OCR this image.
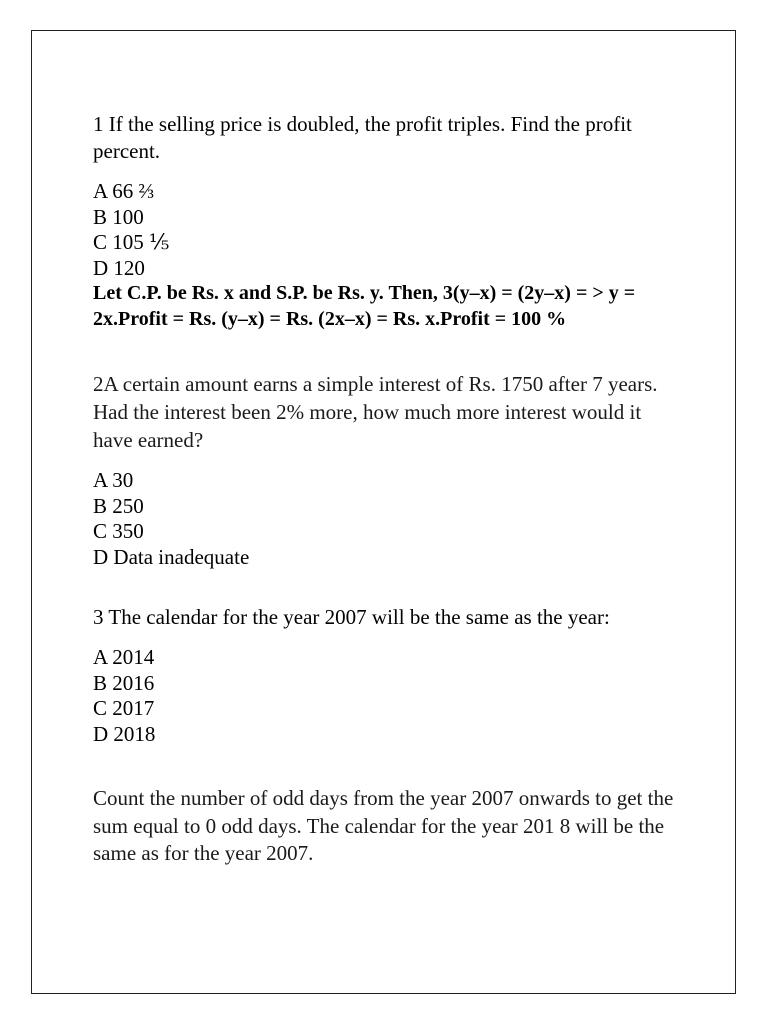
1 If the selling price is doubled, the profit triples. Find the profit percent.

A 66 ⅔
B 100
C 105 ⅕
D 120

Let C.P. be Rs. x and S.P. be Rs. y. Then, 3(y–x) = (2y–x) = > y = 2x.Profit = Rs. (y–x) = Rs. (2x–x) = Rs. x.Profit = 100 %

2A certain amount earns a simple interest of Rs. 1750 after 7 years. Had the interest been 2% more, how much more interest would it have earned?

A 30
B 250
C 350
D Data inadequate

3 The calendar for the year 2007 will be the same as the year:

A 2014
B 2016
C 2017
D 2018

Count the number of odd days from the year 2007 onwards to get the sum equal to 0 odd days. The calendar for the year 201 8 will be the same as for the year 2007.
